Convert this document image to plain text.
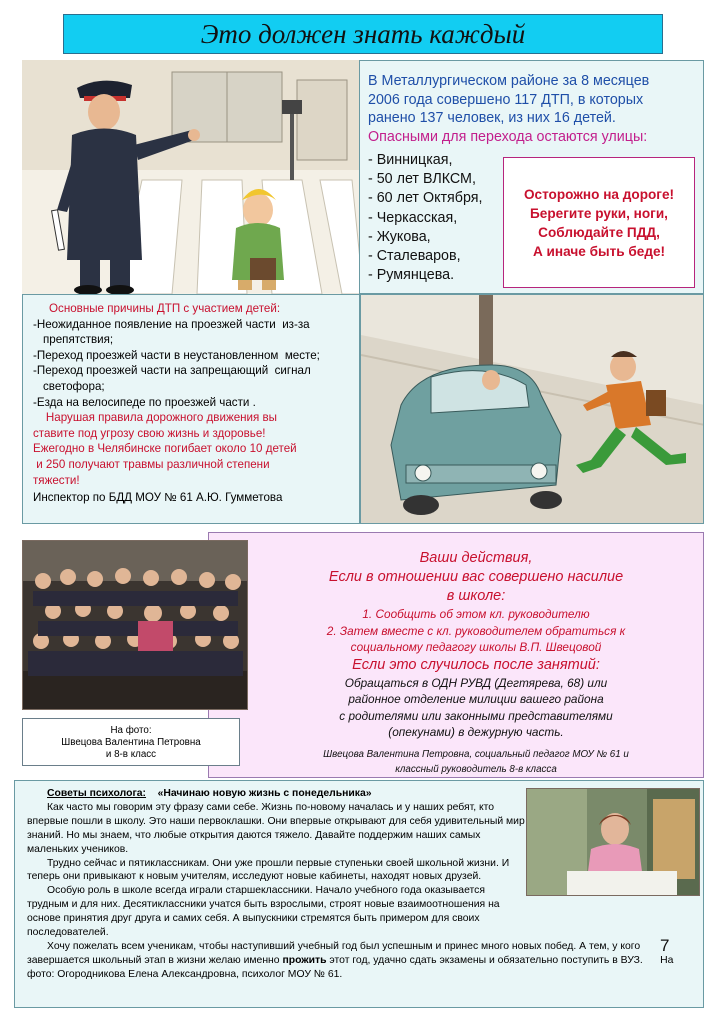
Это должен знать каждый
В Металлургическом районе за 8 месяцев
2006 года совершено 117 ДТП, в которых
ранено 137 человек, из них 16 детей.
Опасными для перехода остаются улицы:
- Винницкая,
- 50 лет ВЛКСМ,
- 60 лет Октября,
- Черкасская,
- Жукова,
- Сталеваров,
- Румянцева.
Осторожно на дороге!
Берегите руки, ноги,
Соблюдайте ПДД,
А иначе быть беде!
Основные причины ДТП с участием детей:
-Неожиданное появление на проезжей части  из-за препятствия;
-Переход проезжей части в неустановленном  месте;
-Переход проезжей части на запрещающий  сигнал светофора;
-Езда на велосипеде по проезжей части .
Нарушая правила дорожного движения вы
ставите под угрозу свою жизнь и здоровье!
Ежегодно в Челябинске погибает около 10 детей
и 250 получают травмы различной степени
тяжести!
Инспектор по БДД МОУ № 61 А.Ю. Гумметова
Ваши действия,
Если в отношении вас совершено насилие
в школе:
1. Сообщить об этом кл. руководителю
2. Затем вместе с кл. руководителем обратиться к
социальному педагогу школы В.П. Швецовой
Если это случилось после занятий:
Обращаться в ОДН РУВД (Дегтярева, 68) или
районное отделение милиции вашего района
с родителями или законными представителями
(опекунами) в дежурную часть.
Швецова Валентина Петровна, социальный педагог МОУ № 61 и
классный руководитель 8-в класса
На фото:
Швецова Валентина Петровна
и 8-в класс
Советы психолога: «Начинаю новую жизнь с понедельника»

Как часто мы говорим эту фразу сами себе. Жизнь по-новому началась и у наших ребят, кто впервые пошли в школу. Это наши первоклашки. Они впервые открывают для себя удивительный мир знаний. Но мы знаем, что любые открытия даются тяжело. Давайте поддержим наших самых маленьких учеников.

Трудно сейчас и пятиклассникам. Они уже прошли первые ступеньки своей школьной жизни. И теперь они привыкают к новым учителям, исследуют новые кабинеты, находят новых друзей.

Особую роль в школе всегда играли старшеклассники. Начало учебного года оказывается трудным и для них. Десятиклассники учатся быть взрослыми, строят новые взаимоотношения на основе принятия друг друга и самих себя. А выпускники стремятся быть примером для своих последователей.

Хочу пожелать всем ученикам, чтобы наступивший учебный год был успешным и принес много новых побед. А тем, у кого завершается школьный этап в жизни желаю именно прожить этот год, удачно сдать экзамены и обязательно поступить в ВУЗ.      На фото: Огородникова Елена Александровна, психолог МОУ № 61.

7
